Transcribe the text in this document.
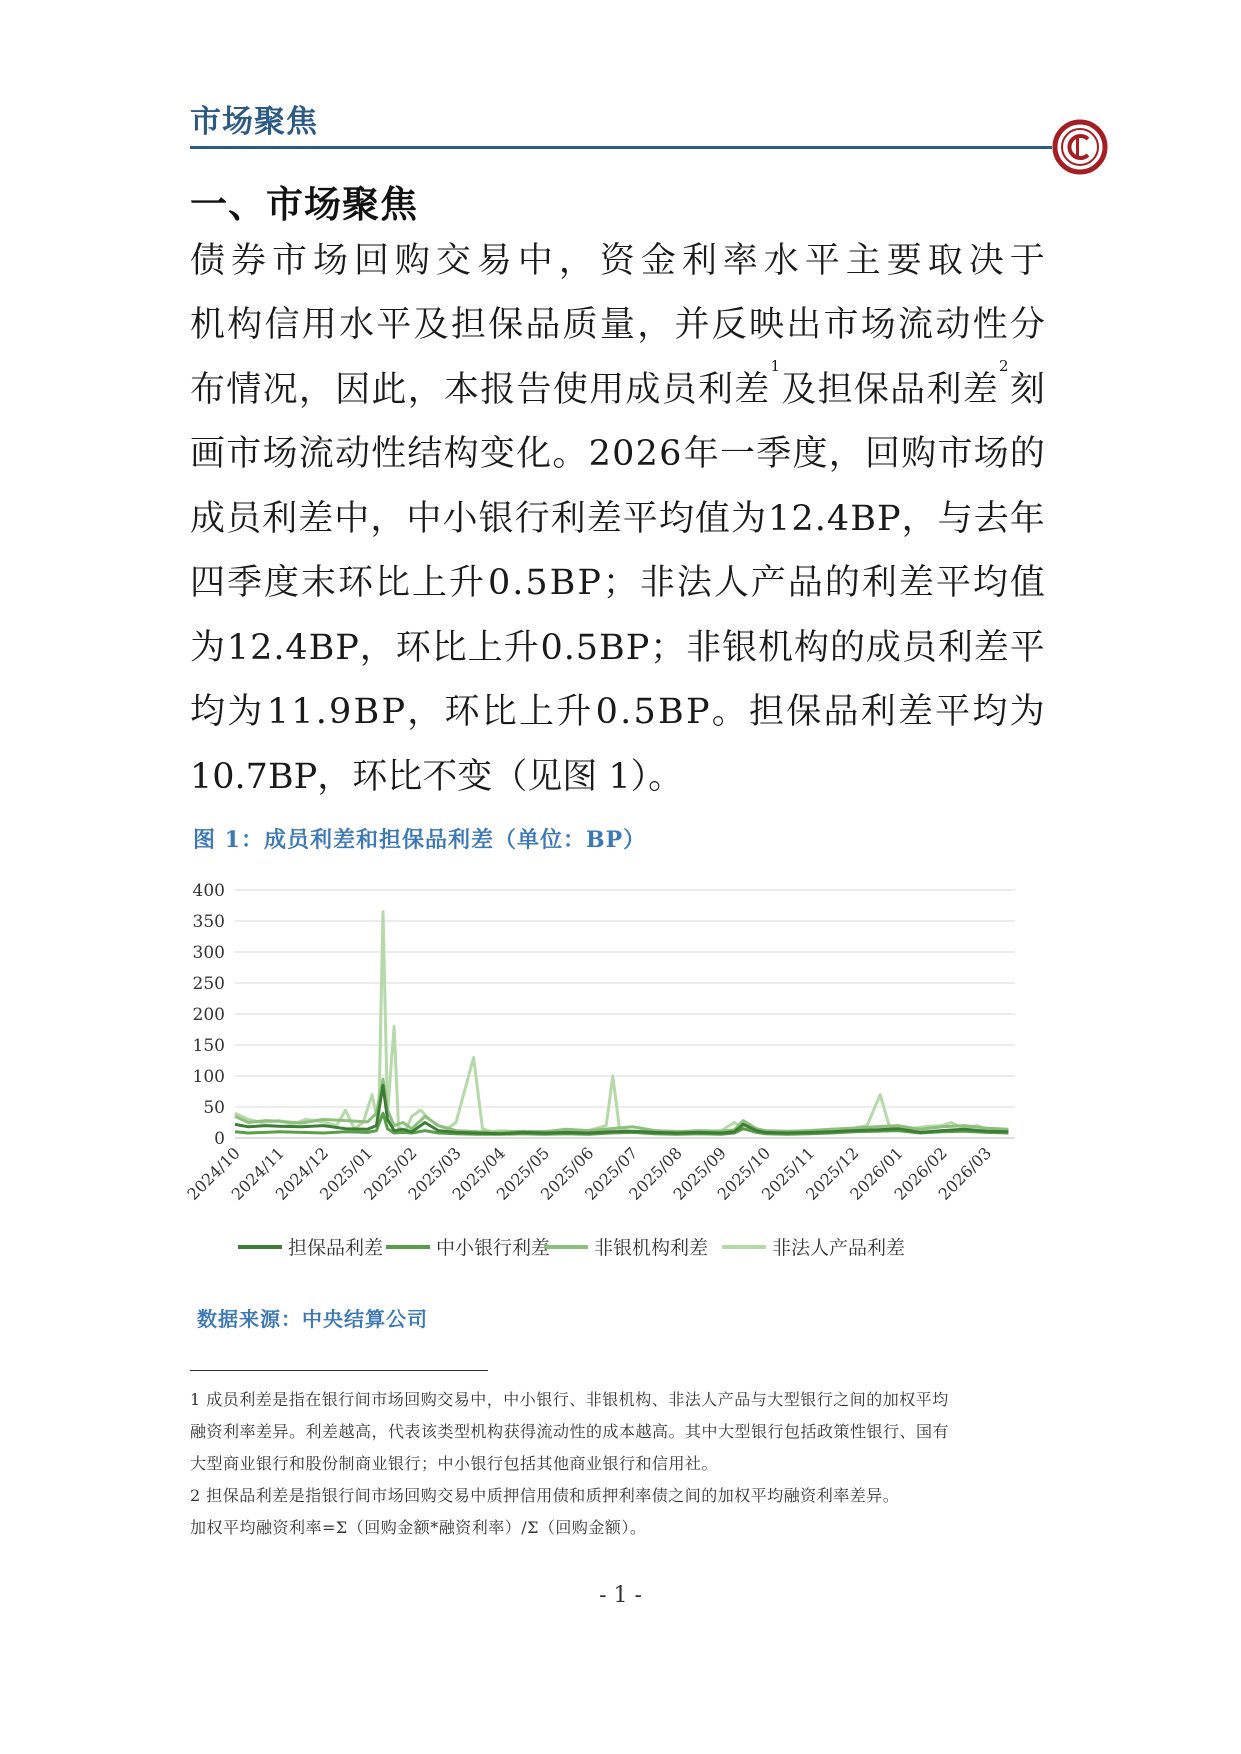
市场聚焦
一、市场聚焦
债 券 市 场 回 购 交 易 中 ， 资 金 利 率 水 平 主 要 取 决 于
机 构 信 用 水 平 及 担 保 品 质 量 ， 并 反 映 出 市 场 流 动 性 分
布 情 况 ， 因 此 ， 本 报 告 使 用 成 员 利 差
1
及 担 保 品 利 差
2
刻
画 市 场 流 动 性 结 构 变 化 。 2 0 2 6 年 一 季 度 ， 回 购 市 场 的
成 员 利 差 中 ， 中 小 银 行 利 差 平 均 值 为 1 2 . 4 B P ， 与 去 年
四 季 度 末 环 比 上 升 0 . 5 B P ； 非 法 人 产 品 的 利 差 平 均 值
为 1 2 . 4 B P ， 环 比 上 升 0 . 5 B P ； 非 银 机 构 的 成 员 利 差 平
均 为 1 1 . 9 B P ， 环 比 上 升 0 . 5 B P 。 担 保 品 利 差 平 均 为
10.7BP，环比不变（见图 1）。
图 1：成员利差和担保品利差（单位：BP）
400
350
300
250
200
150
100
50
0
2024/10
2024/11
2024/12
2025/01
2025/02
2025/03
2025/04
2025/05
2025/06
2025/07
2025/08
2025/09
2025/10
2025/11
2025/12
2026/01
2026/02
2026/03
担保品利差	中小银行利差 非银机构利差	非法人产品利差
数据来源：中央结算公司
1 成员利差是指在银行间市场回购交易中，中小银行、非银机构、非法人产品与大型银行之间的加权平均
融资利率差异。利差越高，代表该类型机构获得流动性的成本越高。其中大型银行包括政策性银行、国有
大型商业银行和股份制商业银行；中小银行包括其他商业银行和信用社。
2 担保品利差是指银行间市场回购交易中质押信用债和质押利率债之间的加权平均融资利率差异。
加权平均融资利率=Σ（回购金额*融资利率）/Σ（回购金额）。
- 1 -
